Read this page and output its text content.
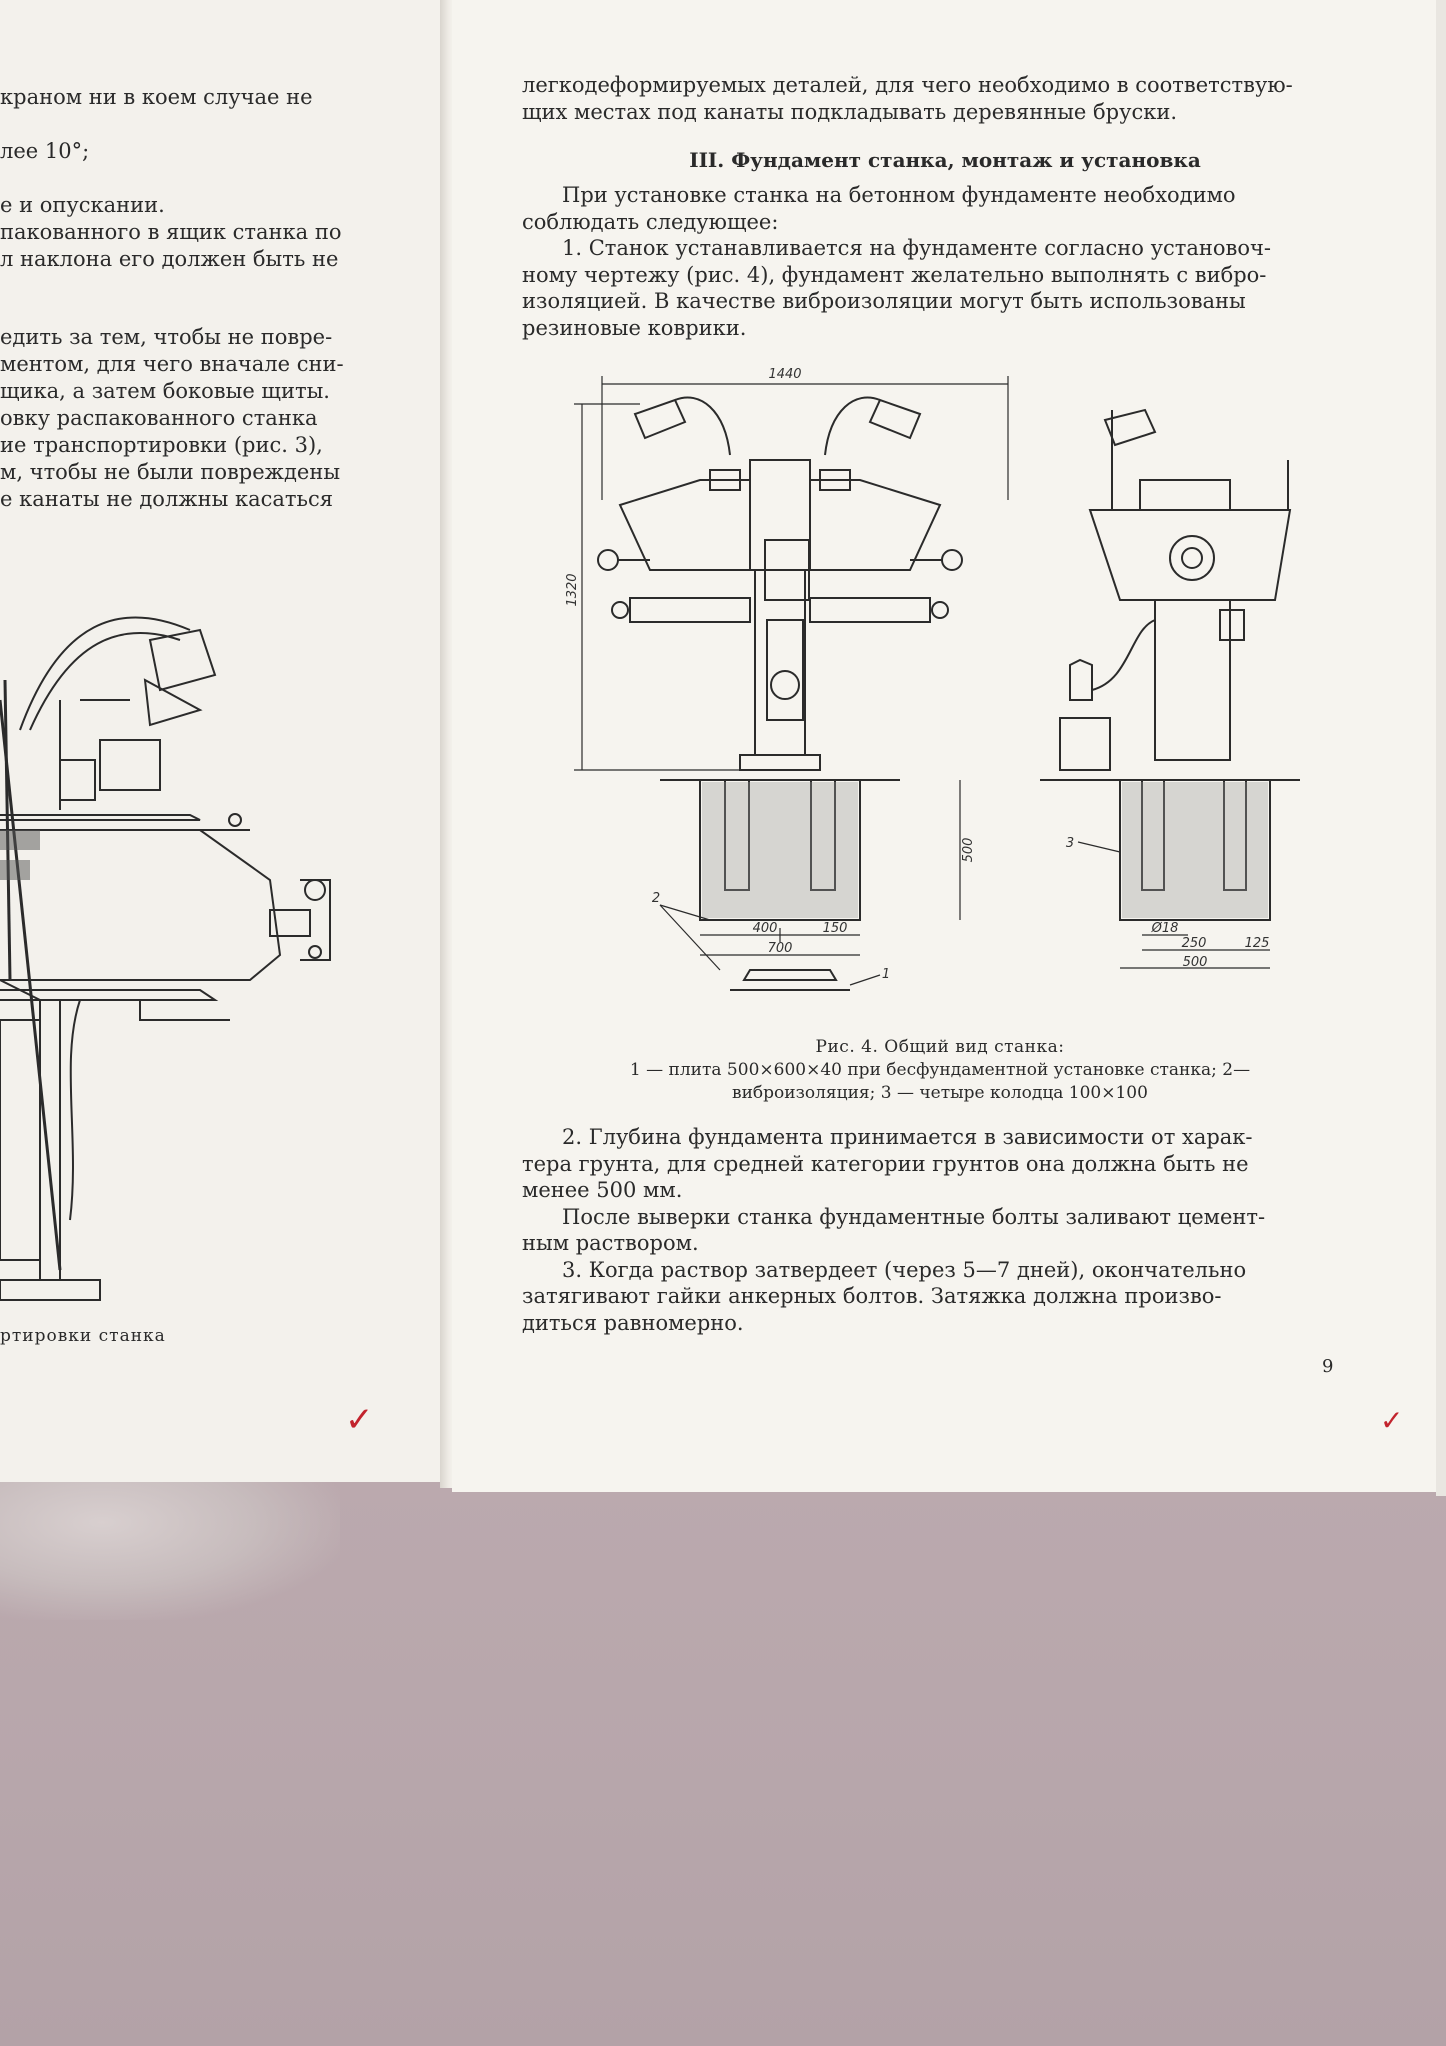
краном ни в коем случае не
лее 10°;
е и опускании.
пакованного в ящик станка по
л наклона его должен быть не
едить за тем, чтобы не повре-
ментом, для чего вначале сни-
щика, а затем боковые щиты.
овку распакованного станка
ие транспортировки (рис. 3),
м, чтобы не были повреждены
е канаты не должны касаться
ртировки станка
✓

легкодеформируемых деталей, для чего необходимо в соответствую-

щих местах под канаты подкладывать деревянные бруски.

III. Фундамент станка, монтаж и установка

При установке станка на бетонном фундаменте необходимо

соблюдать следующее:

1. Станок устанавливается на фундаменте согласно установоч-

ному чертежу (рис. 4), фундамент желательно выполнять с вибро-

изоляцией. В качестве виброизоляции могут быть использованы

резиновые коврики.

1440
1320
500
400	150
700
2
1
Ø18
250	125
500
3
Рис. 4. Общий вид станка:
1 — плита 500×600×40 при бесфундаментной установке станка; 2—
виброизоляция; 3 — четыре колодца 100×100

2. Глубина фундамента принимается в зависимости от харак-

тера грунта, для средней категории грунтов она должна быть не

менее 500 мм.

После выверки станка фундаментные болты заливают цемент-

ным раствором.

3. Когда раствор затвердеет (через 5—7 дней), окончательно

затягивают гайки анкерных болтов. Затяжка должна произво-

диться равномерно.

9
✓
